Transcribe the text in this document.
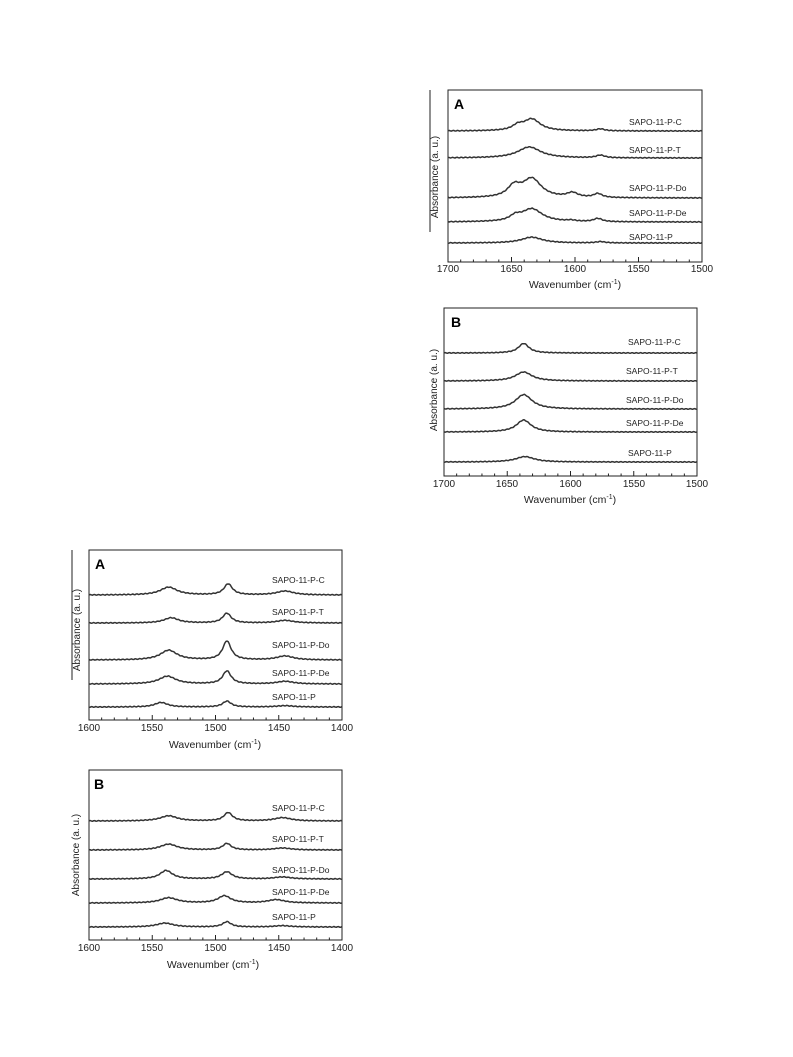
A
Absorbance (a. u.)
1700	1650	1600	1550	1500
Wavenumber $(cm^{-1})$
SAPO-11-P-C
SAPO-11-P-T
SAPO-11-P-Do
SAPO-11-P-De
SAPO-11-P
B
Absorbance (a. u.)
1700	1650	1600	1550	1500
Wavenumber $(cm^{-1})$
SAPO-11-P-C
SAPO-11-P-T
SAPO-11-P-Do
SAPO-11-P-De
SAPO-11-P
A
Absorbance (a. u.)
1600	1550	1500	1450	1400
Wavenumber $(cm^{-1})$
SAPO-11-P-C
SAPO-11-P-T
SAPO-11-P-Do
SAPO-11-P-De
SAPO-11-P
B
Absorbance (a. u.)
1600	1550	1500	1450	1400
Wavenumber $(cm^{-1})$
SAPO-11-P-C
SAPO-11-P-T
SAPO-11-P-Do
SAPO-11-P-De
SAPO-11-P
